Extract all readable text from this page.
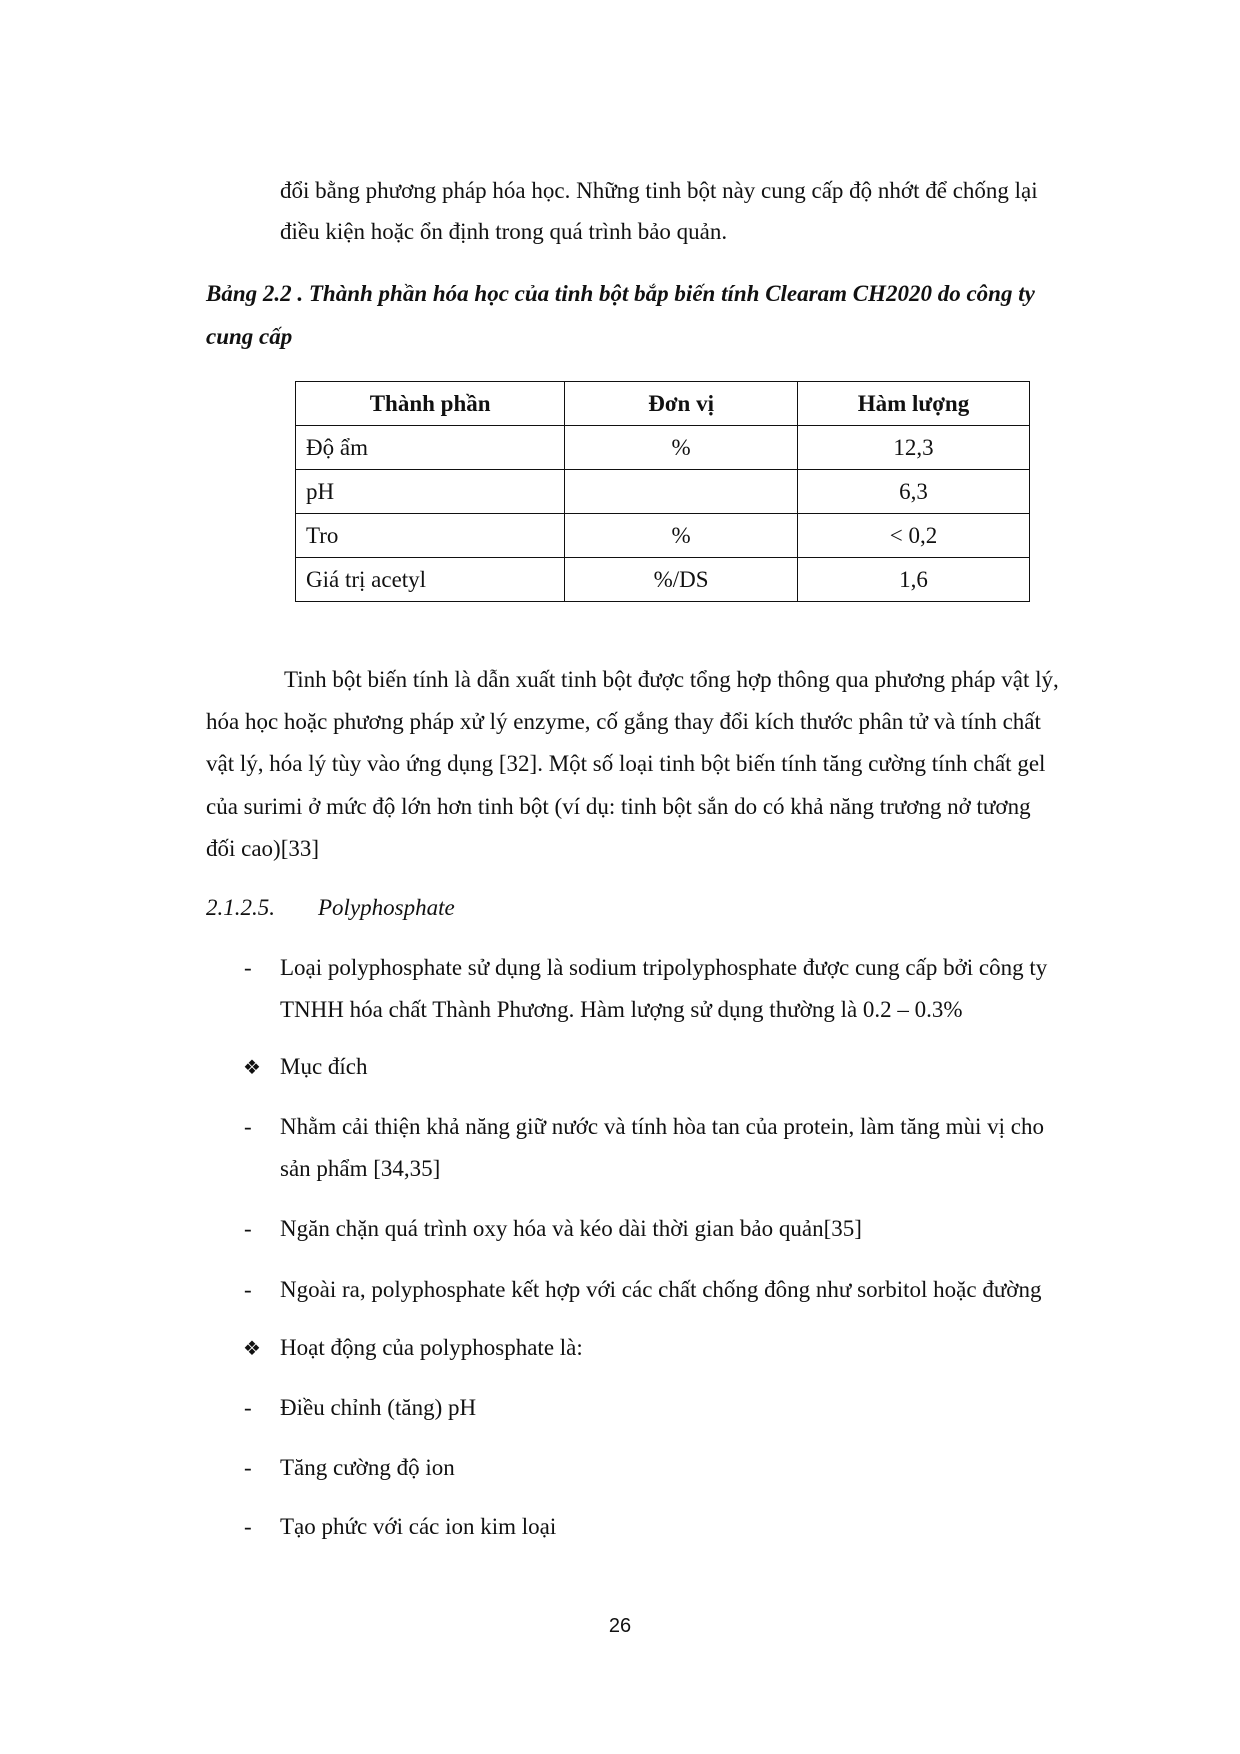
đổi bằng phương pháp hóa học. Những tinh bột này cung cấp độ nhớt để chống lại
điều kiện hoặc ổn định trong quá trình bảo quản.
Bảng 2.2 . Thành phần hóa học của tinh bột bắp biến tính Clearam CH2020 do công ty
cung cấp
Thành phần	Đơn vị	Hàm lượng
Độ ẩm	%	12,3
pH		6,3
Tro	%	< 0,2
Giá trị acetyl	%/DS	1,6
Tinh bột biến tính là dẫn xuất tinh bột được tổng hợp thông qua phương pháp vật lý,
hóa học hoặc phương pháp xử lý enzyme, cố gắng thay đổi kích thước phân tử và tính chất
vật lý, hóa lý tùy vào ứng dụng [32]. Một số loại tinh bột biến tính tăng cường tính chất gel
của surimi ở mức độ lớn hơn tinh bột (ví dụ: tinh bột sắn do có khả năng trương nở tương
đối cao)[33]
2.1.2.5. Polyphosphate
- Loại polyphosphate sử dụng là sodium tripolyphosphate được cung cấp bởi công ty
TNHH hóa chất Thành Phương. Hàm lượng sử dụng thường là 0.2 – 0.3%
❖ Mục đích
- Nhằm cải thiện khả năng giữ nước và tính hòa tan của protein, làm tăng mùi vị cho
sản phẩm [34,35]
- Ngăn chặn quá trình oxy hóa và kéo dài thời gian bảo quản[35]
- Ngoài ra, polyphosphate kết hợp với các chất chống đông như sorbitol hoặc đường
❖ Hoạt động của polyphosphate là:
- Điều chỉnh (tăng) pH
- Tăng cường độ ion
- Tạo phức với các ion kim loại
26
